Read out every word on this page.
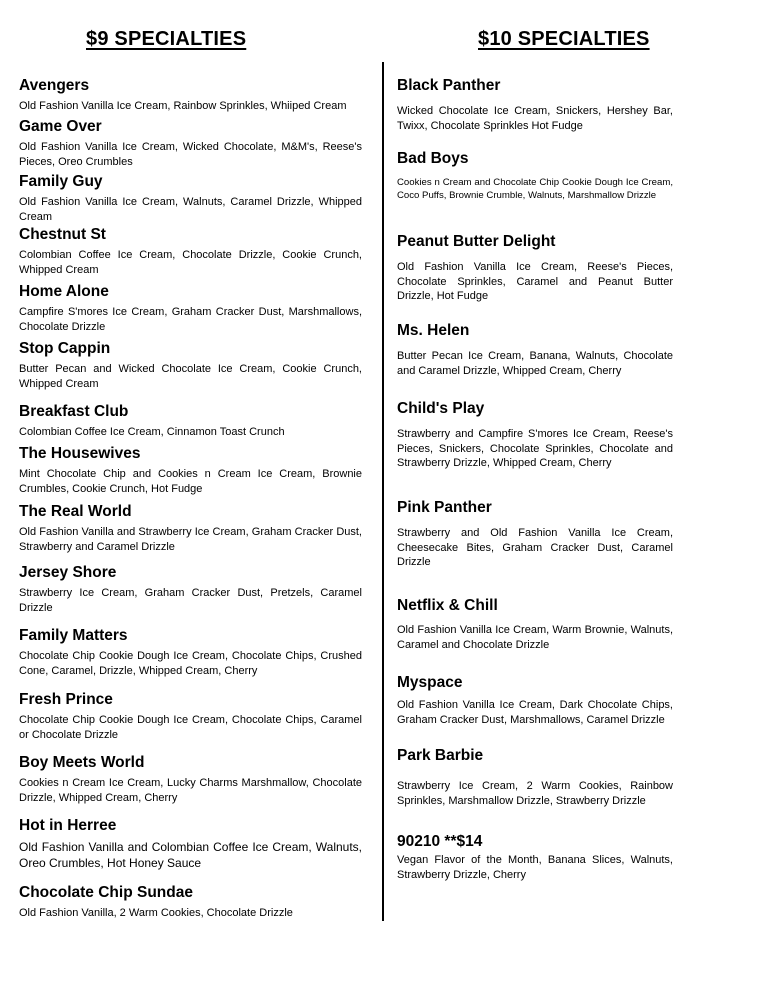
$9 SPECIALTIES	$10 SPECIALTIES
Avengers
Old Fashion Vanilla Ice Cream, Rainbow Sprinkles, Whiiped Cream
Game Over
Old Fashion Vanilla Ice Cream, Wicked Chocolate, M&M's, Reese's Pieces, Oreo Crumbles
Family Guy
Old Fashion Vanilla Ice Cream, Walnuts, Caramel Drizzle, Whipped Cream
Chestnut St
Colombian Coffee Ice Cream, Chocolate Drizzle, Cookie Crunch, Whipped Cream
Home Alone
Campfire S'mores Ice Cream, Graham Cracker Dust, Marshmallows, Chocolate Drizzle
Stop Cappin
Butter Pecan and Wicked Chocolate Ice Cream, Cookie Crunch, Whipped Cream
Breakfast Club
Colombian Coffee Ice Cream, Cinnamon Toast Crunch
The Housewives
Mint Chocolate Chip and Cookies n Cream Ice Cream, Brownie Crumbles, Cookie Crunch, Hot Fudge
The Real World
Old Fashion Vanilla and Strawberry Ice Cream, Graham Cracker Dust, Strawberry and Caramel Drizzle
Jersey Shore
Strawberry Ice Cream, Graham Cracker Dust, Pretzels, Caramel Drizzle
Family Matters
Chocolate Chip Cookie Dough Ice Cream, Chocolate Chips, Crushed Cone, Caramel, Drizzle, Whipped Cream, Cherry
Fresh Prince
Chocolate Chip Cookie Dough Ice Cream, Chocolate Chips, Caramel or Chocolate Drizzle
Boy Meets World
Cookies n Cream Ice Cream, Lucky Charms Marshmallow, Chocolate Drizzle, Whipped Cream, Cherry
Hot in Herree
Old Fashion Vanilla and Colombian Coffee Ice Cream, Walnuts, Oreo Crumbles, Hot Honey Sauce
Chocolate Chip Sundae
Old Fashion Vanilla, 2 Warm Cookies, Chocolate Drizzle
Black Panther
Wicked Chocolate Ice Cream, Snickers, Hershey Bar, Twixx, Chocolate Sprinkles Hot Fudge
Bad Boys
Cookies n Cream and Chocolate Chip Cookie Dough Ice Cream, Coco Puffs, Brownie Crumble, Walnuts, Marshmallow Drizzle
Peanut Butter Delight
Old Fashion Vanilla Ice Cream, Reese's Pieces, Chocolate Sprinkles, Caramel and Peanut Butter Drizzle, Hot Fudge
Ms. Helen
Butter Pecan Ice Cream, Banana, Walnuts, Chocolate and Caramel Drizzle, Whipped Cream, Cherry
Child's Play
Strawberry and Campfire S'mores Ice Cream, Reese's Pieces, Snickers, Chocolate Sprinkles, Chocolate and Strawberry Drizzle, Whipped Cream, Cherry
Pink Panther
Strawberry and Old Fashion Vanilla Ice Cream, Cheesecake Bites, Graham Cracker Dust, Caramel Drizzle
Netflix & Chill
Old Fashion Vanilla Ice Cream, Warm Brownie, Walnuts, Caramel and Chocolate Drizzle
Myspace
Old Fashion Vanilla Ice Cream, Dark Chocolate Chips, Graham Cracker Dust, Marshmallows, Caramel Drizzle
Park Barbie
Strawberry Ice Cream, 2 Warm Cookies, Rainbow Sprinkles, Marshmallow Drizzle, Strawberry Drizzle
90210 **$14
Vegan Flavor of the Month, Banana Slices, Walnuts, Strawberry Drizzle, Cherry
